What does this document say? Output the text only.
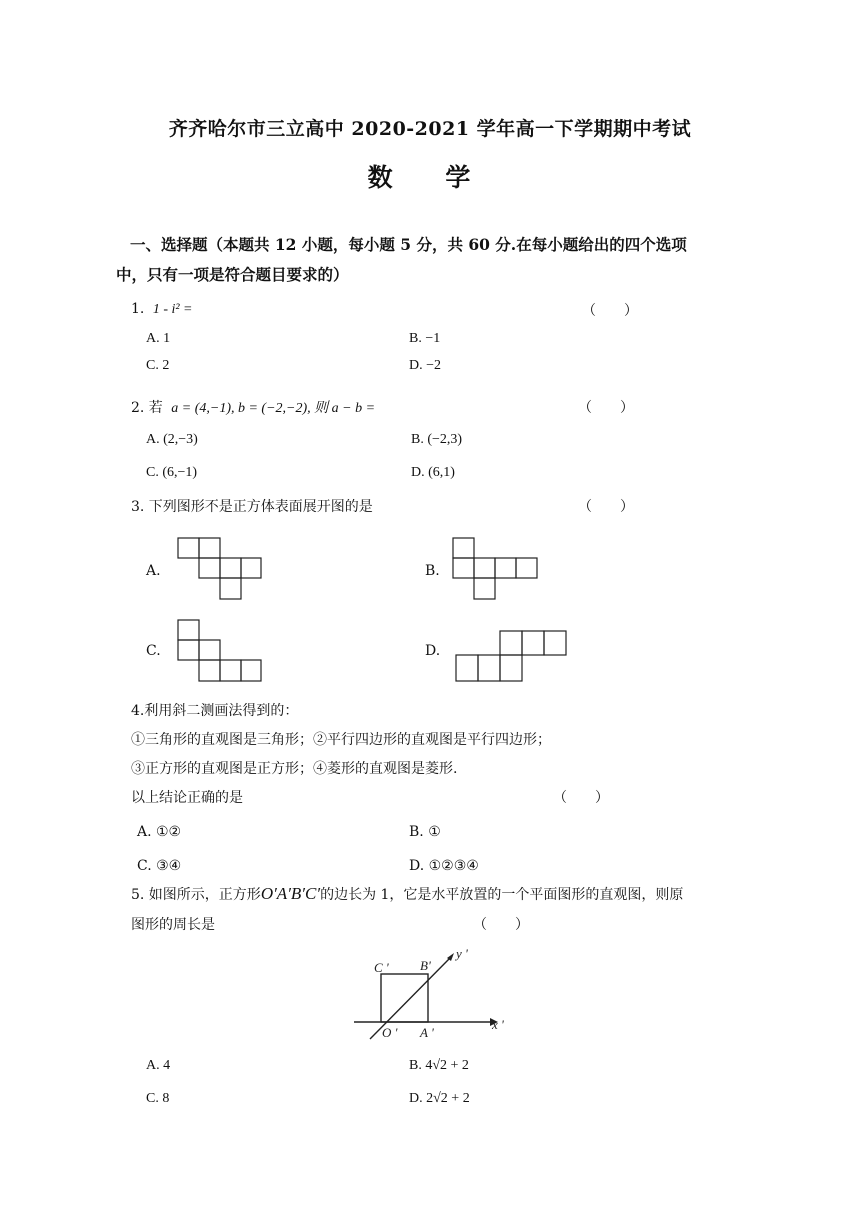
齐齐哈尔市三立高中 2020-2021 学年高一下学期期中考试
数 学
一、选择题（本题共 12 小题，每小题 5 分，共 60 分.在每小题给出的四个选项
中，只有一项是符合题目要求的）
1. 1 - i² =	（　　）
A. 1	B. −1
C. 2	D. −2
2. 若 a = (4,−1), b = (−2,−2), 则 a − b =	（　　）
A. (2,−3)	B. (−2,3)
C. (6,−1)	D. (6,1)
3. 下列图形不是正方体表面展开图的是	（　　）
A.	B.
C.	D.
4.利用斜二测画法得到的：
①三角形的直观图是三角形；②平行四边形的直观图是平行四边形；
③正方形的直观图是正方形；④菱形的直观图是菱形.
以上结论正确的是	（　　）
A. ①②	B. ①
C. ③④	D. ①②③④
5. 如图所示，正方形O′A′B′C′的边长为 1，它是水平放置的一个平面图形的直观图，则原
图形的周长是	（　　）
C ' B'
y '
x '
O ' A '
A. 4	B. 4√2 + 2
C. 8	D. 2√2 + 2
